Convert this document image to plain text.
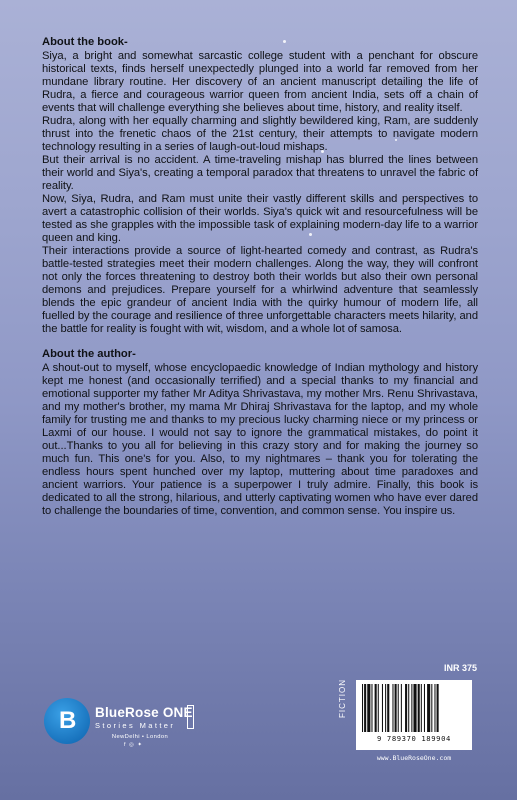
About the book-

Siya, a bright and somewhat sarcastic college student with a penchant for obscure historical texts, finds herself unexpectedly plunged into a world far removed from her mundane library routine. Her discovery of an ancient manuscript detailing the life of Rudra, a fierce and courageous warrior queen from ancient India, sets off a chain of events that will challenge everything she believes about time, history, and reality itself.

Rudra, along with her equally charming and slightly bewildered king, Ram, are suddenly thrust into the frenetic chaos of the 21st century, their attempts to navigate modern technology resulting in a series of laugh-out-loud mishaps.

But their arrival is no accident. A time-traveling mishap has blurred the lines between their world and Siya's, creating a temporal paradox that threatens to unravel the fabric of reality.

Now, Siya, Rudra, and Ram must unite their vastly different skills and perspectives to avert a catastrophic collision of their worlds. Siya's quick wit and resourcefulness will be tested as she grapples with the impossible task of explaining modern-day life to a warrior queen and king.

Their interactions provide a source of light-hearted comedy and contrast, as Rudra's battle-tested strategies meet their modern challenges. Along the way, they will confront not only the forces threatening to destroy both their worlds but also their own personal demons and prejudices. Prepare yourself for a whirlwind adventure that seamlessly blends the epic grandeur of ancient India with the quirky humour of modern life, all fuelled by the courage and resilience of three unforgettable characters meets hilarity, and the battle for reality is fought with wit, wisdom, and a whole lot of samosa.

About the author-

A shout-out to myself, whose encyclopaedic knowledge of Indian mythology and history kept me honest (and occasionally terrified) and a special thanks to my financial and emotional supporter my father Mr Aditya Shrivastava, my mother Mrs. Renu Shrivastava, and my mother's brother, my mama Mr Dhiraj Shrivastava for the laptop, and my whole family for trusting me and thanks to my precious lucky charming niece or my princess or Laxmi of our house. I would not say to ignore the grammatical mistakes, do point it out...Thanks to you all for believing in this crazy story and for making the journey so much fun. This one's for you. Also, to my nightmares – thank you for tolerating the endless hours spent hunched over my laptop, muttering about time paradoxes and ancient warriors. Your patience is a superpower I truly admire. Finally, this book is dedicated to all the strong, hilarious, and utterly captivating women who have ever dared to challenge the boundaries of time, convention, and common sense. You inspire us.

B BlueRose ONE
Stories Matter
NewDelhi • London
f ◎ ✦
INR 375
FICTION
9 789370 189904
www.BlueRoseOne.com
